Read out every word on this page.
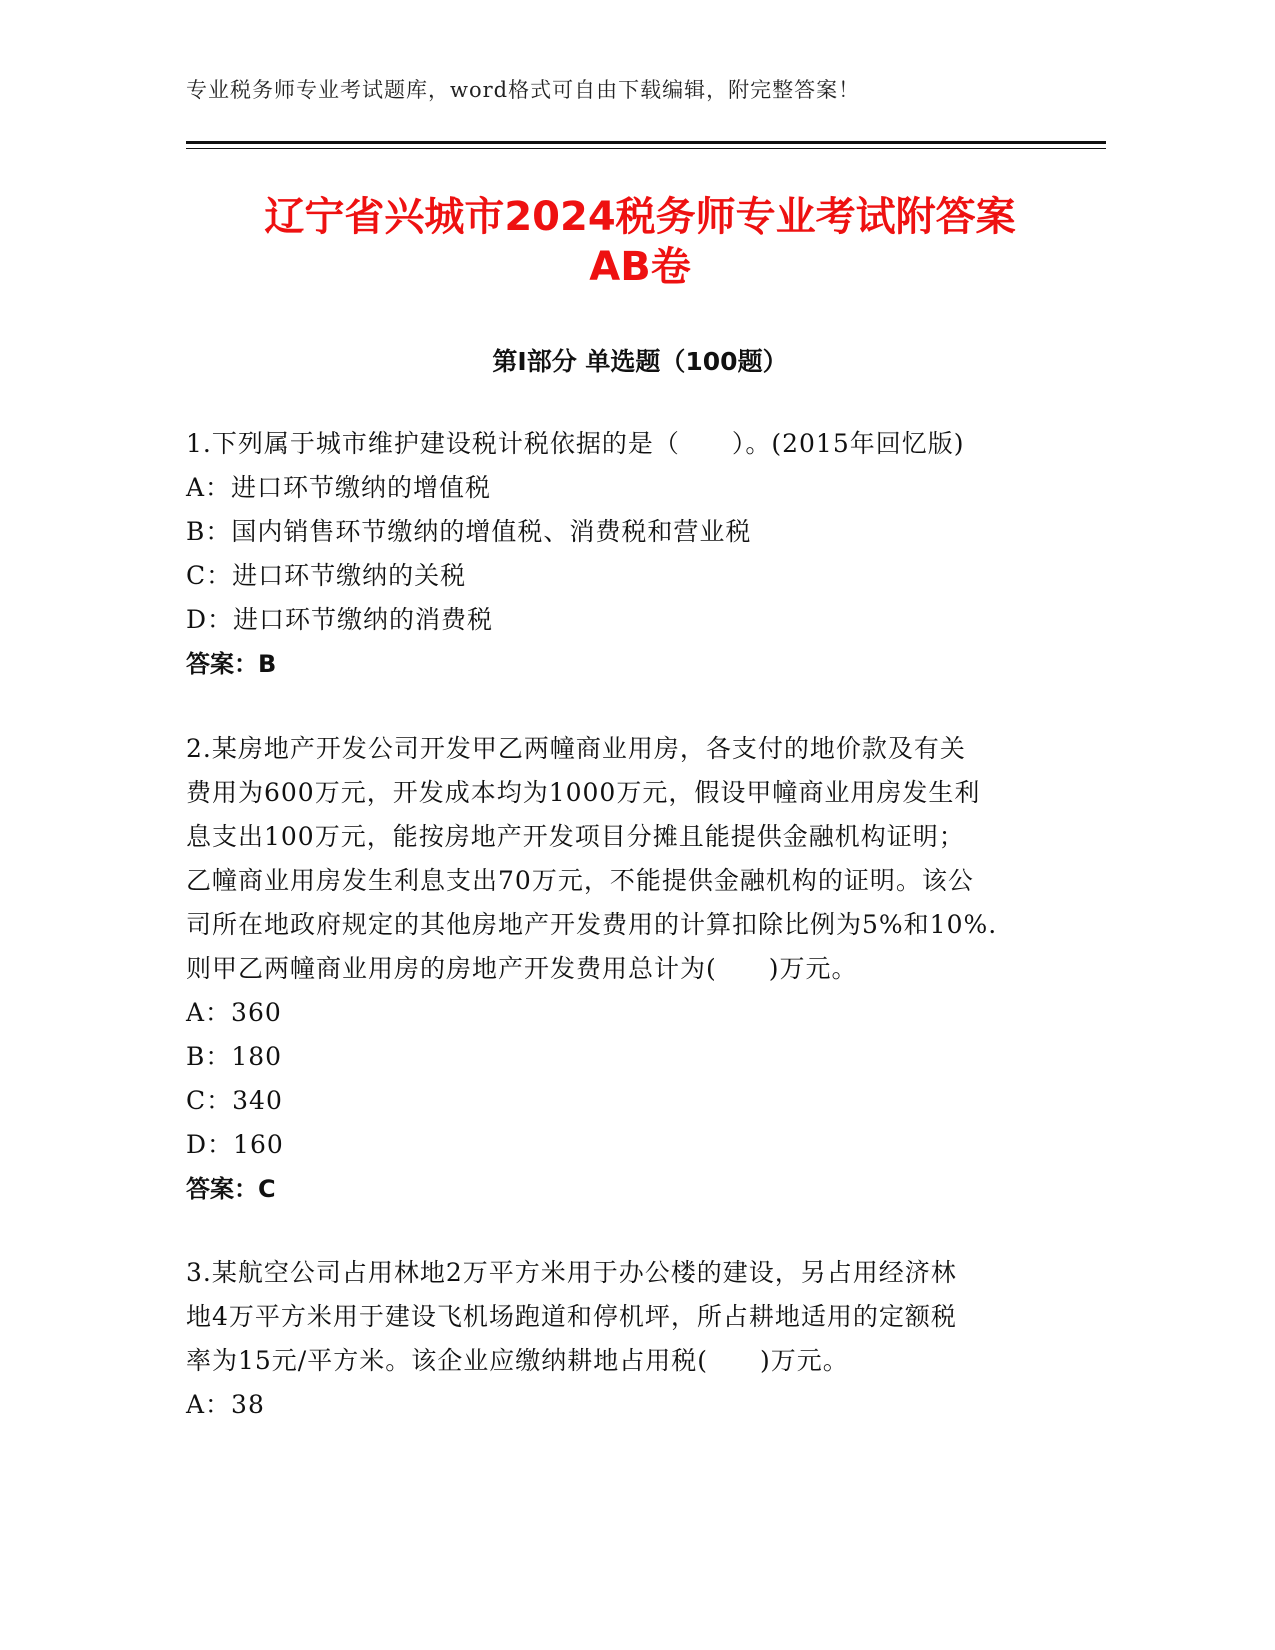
专业税务师专业考试题库，word格式可自由下载编辑，附完整答案！
辽宁省兴城市2024税务师专业考试附答案
AB卷
第Ⅰ部分 单选题（100题）

1.下列属于城市维护建设税计税依据的是（　　）。(2015年回忆版)

A：进口环节缴纳的增值税

B：国内销售环节缴纳的增值税、消费税和营业税

C：进口环节缴纳的关税

D：进口环节缴纳的消费税

答案：B

2.某房地产开发公司开发甲乙两幢商业用房，各支付的地价款及有关

费用为600万元，开发成本均为1000万元，假设甲幢商业用房发生利

息支出100万元，能按房地产开发项目分摊且能提供金融机构证明；

乙幢商业用房发生利息支出70万元，不能提供金融机构的证明。该公

司所在地政府规定的其他房地产开发费用的计算扣除比例为5%和10%.

则甲乙两幢商业用房的房地产开发费用总计为(　　)万元。

A：360

B：180

C：340

D：160

答案：C

3.某航空公司占用林地2万平方米用于办公楼的建设，另占用经济林

地4万平方米用于建设飞机场跑道和停机坪，所占耕地适用的定额税

率为15元/平方米。该企业应缴纳耕地占用税(　　)万元。

A：38
